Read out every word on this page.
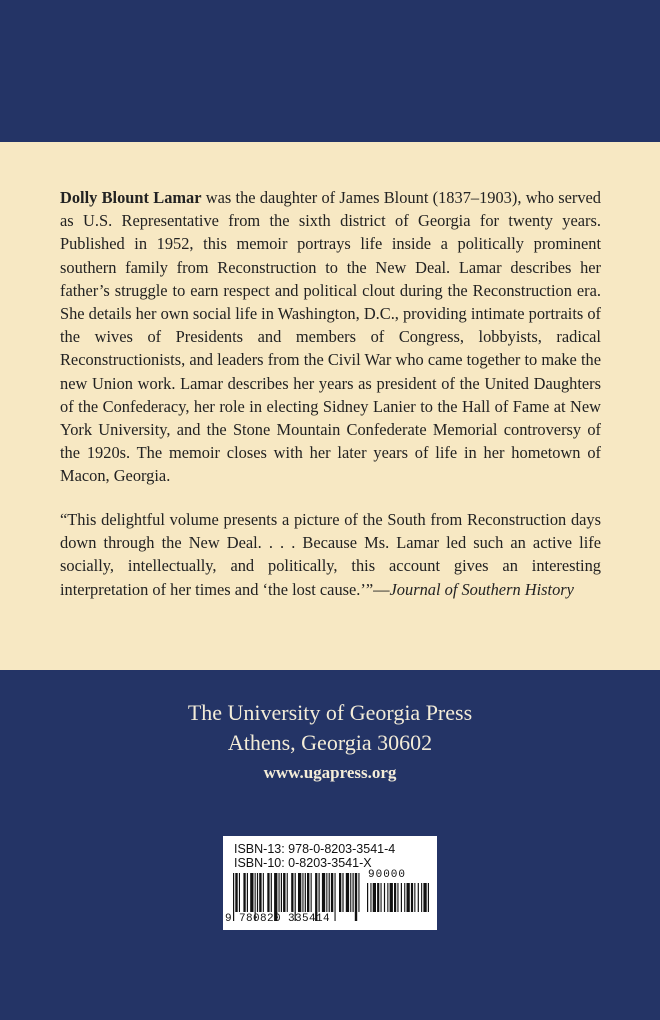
Dolly Blount Lamar was the daughter of James Blount (1837–1903), who served as U.S. Representative from the sixth district of Georgia for twenty years. Published in 1952, this memoir portrays life inside a politically prominent southern family from Reconstruction to the New Deal. Lamar describes her father’s struggle to earn respect and political clout during the Reconstruction era. She details her own social life in Washington, D.C., providing intimate portraits of the wives of Presidents and members of Congress, lobbyists, radical Reconstructionists, and leaders from the Civil War who came together to make the new Union work. Lamar describes her years as president of the United Daughters of the Confederacy, her role in electing Sidney Lanier to the Hall of Fame at New York University, and the Stone Mountain Confederate Memorial controversy of the 1920s. The memoir closes with her later years of life in her hometown of Macon, Georgia.

“This delightful volume presents a picture of the South from Reconstruction days down through the New Deal. . . . Because Ms. Lamar led such an active life socially, intellectually, and politically, this account gives an interesting interpretation of her times and ‘the lost cause.’”—Journal of Southern History

The University of Georgia Press
Athens, Georgia 30602
www.ugapress.org
ISBN-13: 978-0-8203-3541-4
ISBN-10: 0-8203-3541-X
90000
9 780820 335414
